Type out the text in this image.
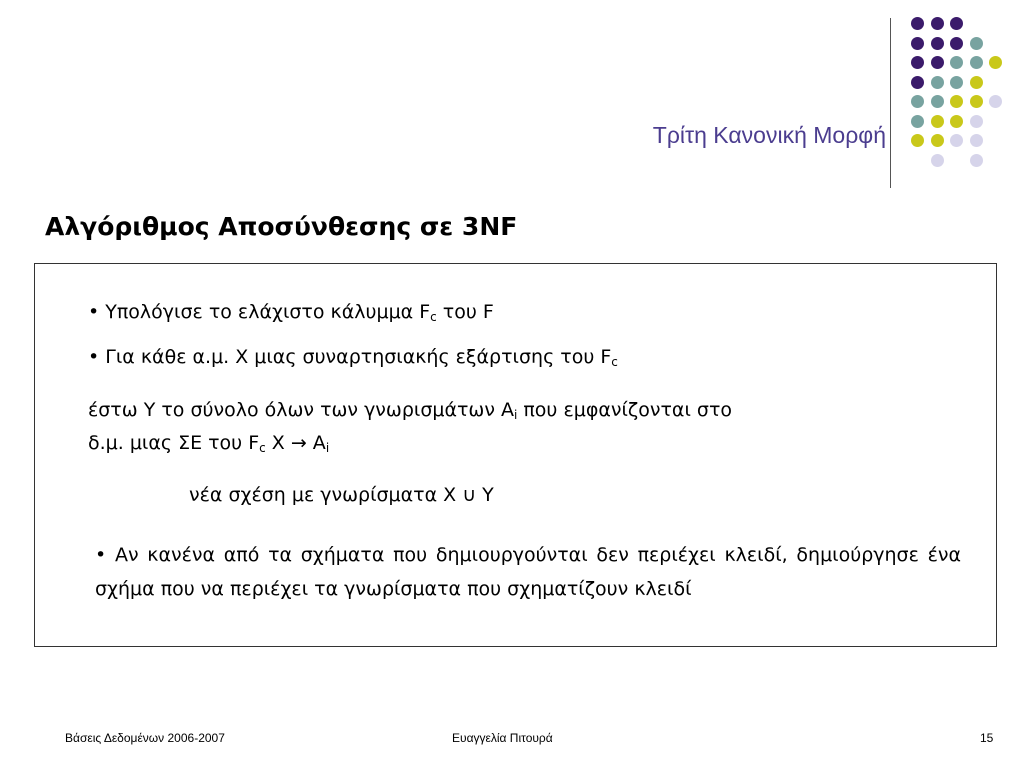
Τρίτη Κανονική Μορφή
Αλγόριθμος Αποσύνθεσης σε 3NF
• Υπολόγισε το ελάχιστο κάλυμμα $F_c$ του F
• Για κάθε α.μ. X μιας συναρτησιακής εξάρτισης του $F_c$
έστω Y το σύνολο όλων των γνωρισμάτων $A_i$ που εμφανίζονται στο
δ.μ. μιας ΣΕ του $F_c$ $X \to A_i$
νέα σχέση με γνωρίσματα X ∪ Y
• Αν κανένα από τα σχήματα που δημιουργούνται δεν περιέχει κλειδί, δημιούργησε ένα σχήμα που να περιέχει τα γνωρίσματα που σχηματίζουν κλειδί
Βάσεις Δεδομένων 2006-2007	Ευαγγελία Πιτουρά	15
